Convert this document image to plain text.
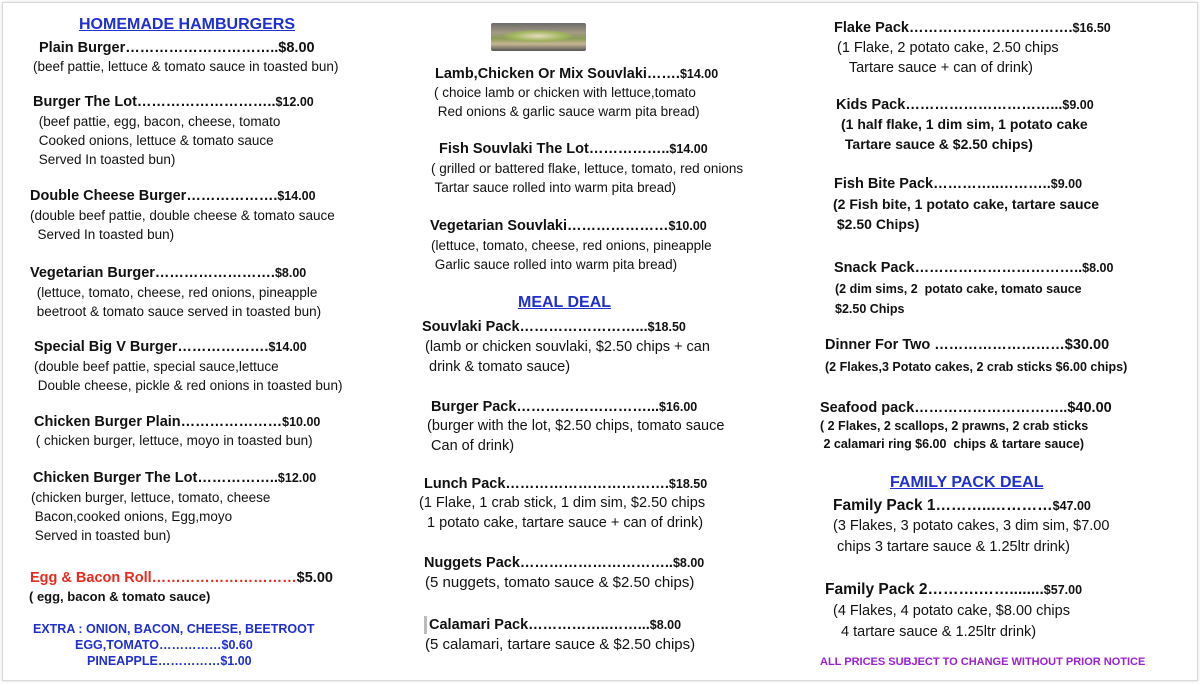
HOMEMADE HAMBURGERS
Plain Burger…………………………..$8.00
(beef pattie, lettuce & tomato sauce in toasted bun)
Burger The Lot………………………..$12.00
(beef pattie, egg, bacon, cheese, tomato
Cooked onions, lettuce & tomato sauce
Served In toasted bun)
Double Cheese Burger……………….$14.00
(double beef pattie, double cheese & tomato sauce
Served In toasted bun)
Vegetarian Burger…………………….$8.00
(lettuce, tomato, cheese, red onions, pineapple
beetroot & tomato sauce served in toasted bun)
Special Big V Burger……………….$14.00
(double beef pattie, special sauce,lettuce
Double cheese, pickle & red onions in toasted bun)
Chicken Burger Plain…………………$10.00
( chicken burger, lettuce, moyo in toasted bun)
Chicken Burger The Lot……………..$12.00
(chicken burger, lettuce, tomato, cheese
Bacon,cooked onions, Egg,moyo
Served in toasted bun)
Egg & Bacon Roll…………………………$5.00
( egg, bacon & tomato sauce)
EXTRA : ONION, BACON, CHEESE, BEETROOT
EGG,TOMATO……………$0.60
PINEAPPLE……………$1.00
Lamb,Chicken Or Mix Souvlaki…….$14.00
( choice lamb or chicken with lettuce,tomato
Red onions & garlic sauce warm pita bread)
Fish Souvlaki The Lot……………..$14.00
( grilled or battered flake, lettuce, tomato, red onions
Tartar sauce rolled into warm pita bread)
Vegetarian Souvlaki…………………$10.00
(lettuce, tomato, cheese, red onions, pineapple
Garlic sauce rolled into warm pita bread)
MEAL DEAL
Souvlaki Pack……………………...$18.50
(lamb or chicken souvlaki, $2.50 chips + can
drink & tomato sauce)
Burger Pack………………………...$16.00
(burger with the lot, $2.50 chips, tomato sauce
Can of drink)
Lunch Pack…………………………….$18.50
(1 Flake, 1 crab stick, 1 dim sim, $2.50 chips
1 potato cake, tartare sauce + can of drink)
Nuggets Pack…………………………..$8.00
(5 nuggets, tomato sauce & $2.50 chips)
Calamari Pack……………..……...$8.00
(5 calamari, tartare sauce & $2.50 chips)
Flake Pack…………………………….$16.50
(1 Flake, 2 potato cake, 2.50 chips
Tartare sauce + can of drink)
Kids Pack…………………………...$9.00
(1 half flake, 1 dim sim, 1 potato cake
Tartare sauce & $2.50 chips)
Fish Bite Pack…………..………..$9.00
(2 Fish bite, 1 potato cake, tartare sauce
$2.50 Chips)
Snack Pack……………………………..$8.00
(2 dim sims, 2  potato cake, tomato sauce
$2.50 Chips
Dinner For Two ………………………$30.00
(2 Flakes,3 Potato cakes, 2 crab sticks $6.00 chips)
Seafood pack…………………………..$40.00
( 2 Flakes, 2 scallops, 2 prawns, 2 crab sticks
2 calamari ring $6.00  chips & tartare sauce)
FAMILY PACK DEAL
Family Pack 1………..…………$47.00
(3 Flakes, 3 potato cakes, 3 dim sim, $7.00
chips 3 tartare sauce & 1.25ltr drink)
Family Pack 2……….……........$57.00
(4 Flakes, 4 potato cake, $8.00 chips
4 tartare sauce & 1.25ltr drink)
ALL PRICES SUBJECT TO CHANGE WITHOUT PRIOR NOTICE
